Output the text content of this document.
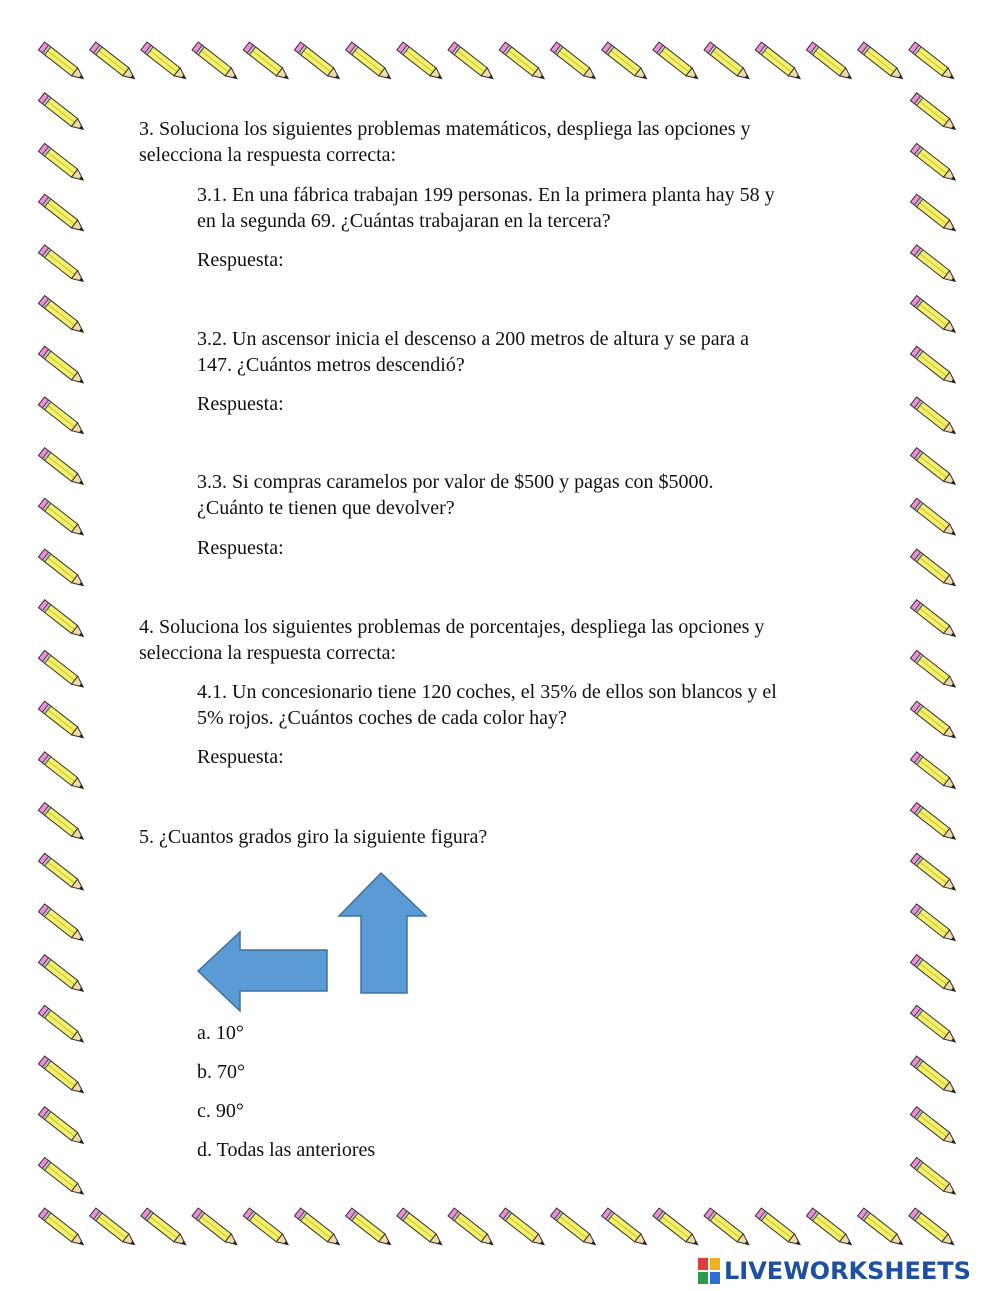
3. Soluciona los siguientes problemas matemáticos, despliega las opciones y
selecciona la respuesta correcta:
3.1. En una fábrica trabajan 199 personas. En la primera planta hay 58 y
en la segunda 69. ¿Cuántas trabajaran en la tercera?
Respuesta:
3.2. Un ascensor inicia el descenso a 200 metros de altura y se para a
147. ¿Cuántos metros descendió?
Respuesta:
3.3. Si compras caramelos por valor de $500 y pagas con $5000.
¿Cuánto te tienen que devolver?
Respuesta:
4. Soluciona los siguientes problemas de porcentajes, despliega las opciones y
selecciona la respuesta correcta:
4.1. Un concesionario tiene 120 coches, el 35% de ellos son blancos y el
5% rojos. ¿Cuántos coches de cada color hay?
Respuesta:
5. ¿Cuantos grados giro la siguiente figura?
a. 10°
b. 70°
c. 90°
d. Todas las anteriores
LIVEWORKSHEETS
